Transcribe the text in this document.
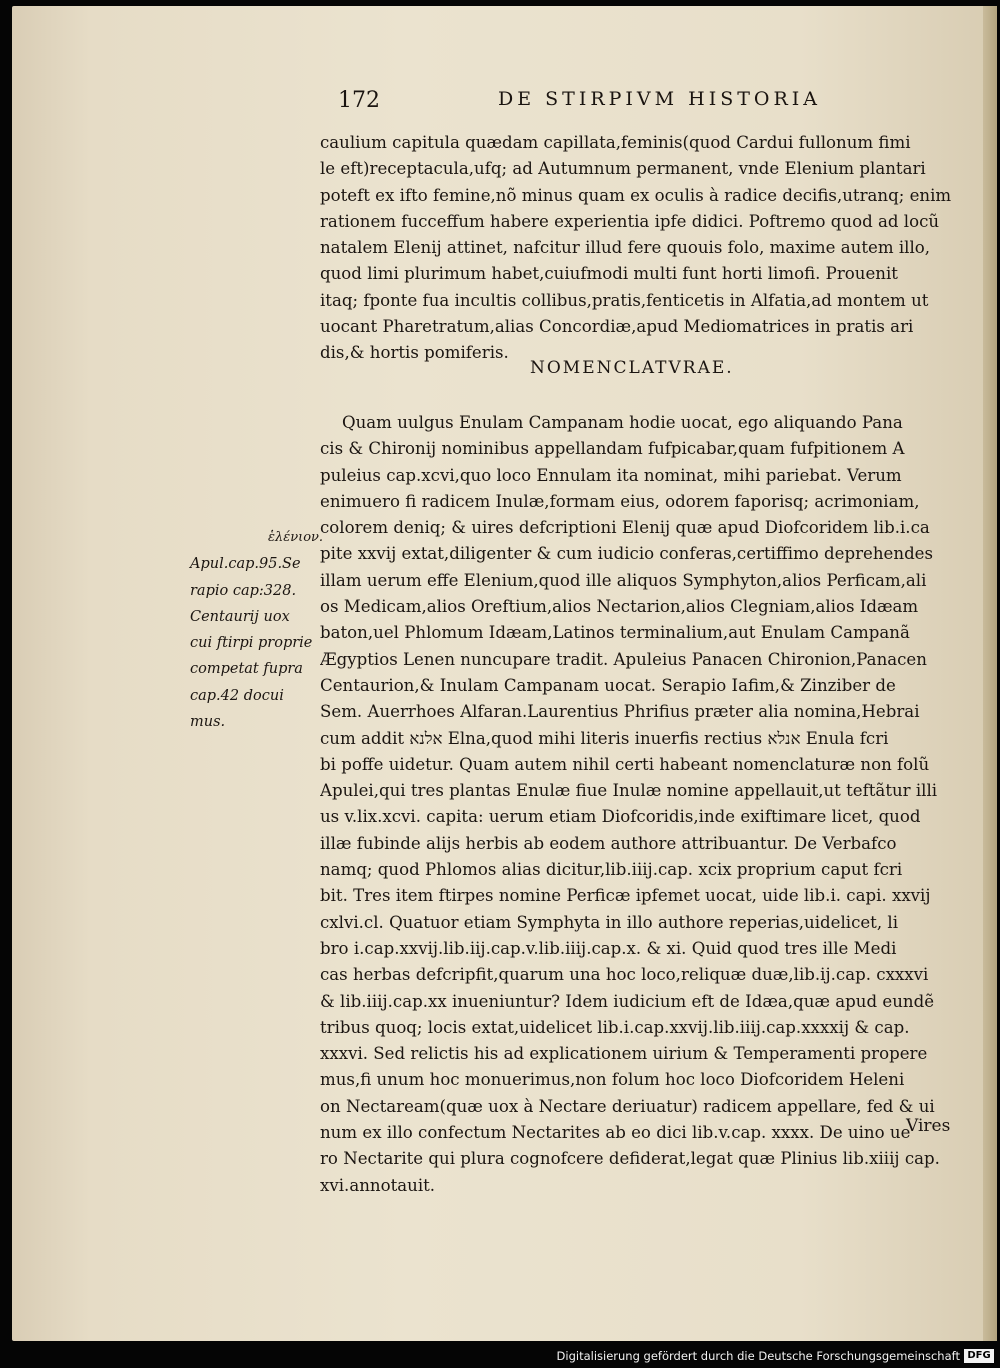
172	DE STIRPIVM HISTORIA
caulium capitula quædam capillata,feminis(quod Cardui fullonum fimi
le eft)receptacula,ufq; ad Autumnum permanent, vnde Elenium plantari
poteft ex ifto femine,nõ minus quam ex oculis à radice decifis,utranq; enim
rationem fucceffum habere experientia ipfe didici. Poftremo quod ad locũ
natalem Elenij attinet, nafcitur illud fere quouis folo, maxime autem illo,
quod limi plurimum habet,cuiufmodi multi funt horti limofi. Prouenit
itaq; fponte fua incultis collibus,pratis,fenticetis in Alfatia,ad montem ut
uocant Pharetratum,alias Concordiæ,apud Mediomatrices in pratis ari
dis,& hortis pomiferis.
NOMENCLATVRAE.
Quam uulgus Enulam Campanam hodie uocat, ego aliquando Pana
cis & Chironij nominibus appellandam fufpicabar,quam fufpitionem A
puleius cap.xcvi,quo loco Ennulam ita nominat, mihi pariebat. Verum
enimuero fi radicem Inulæ,formam eius, odorem faporisq; acrimoniam,
colorem deniq; & uires defcriptioni Elenij quæ apud Diofcoridem lib.i.ca
pite xxvij extat,diligenter & cum iudicio conferas,certiffimo deprehendes
illam uerum effe Elenium,quod ille aliquos Symphyton,alios Perficam,ali
os Medicam,alios Oreftium,alios Nectarion,alios Clegniam,alios Idæam
baton,uel Phlomum Idæam,Latinos terminalium,aut Enulam Campanã
Ægyptios Lenen nuncupare tradit. Apuleius Panacen Chironion,Panacen
Centaurion,& Inulam Campanam uocat. Serapio Iafim,& Zinziber de
Sem. Auerrhoes Alfaran.Laurentius Phrifius præter alia nomina,Hebrai
cum addit אלנא Elna,quod mihi literis inuerfis rectius אנלא Enula fcri
bi poffe uidetur. Quam autem nihil certi habeant nomenclaturæ non folũ
Apulei,qui tres plantas Enulæ fiue Inulæ nomine appellauit,ut teftãtur illi
us v.lix.xcvi. capita: uerum etiam Diofcoridis,inde exiftimare licet, quod
illæ fubinde alijs herbis ab eodem authore attribuantur. De Verbafco
namq; quod Phlomos alias dicitur,lib.iiij.cap. xcix proprium caput fcri
bit. Tres item ftirpes nomine Perficæ ipfemet uocat, uide lib.i. capi. xxvij
cxlvi.cl. Quatuor etiam Symphyta in illo authore reperias,uidelicet, li
bro i.cap.xxvij.lib.iij.cap.v.lib.iiij.cap.x. & xi. Quid quod tres ille Medi
cas herbas defcripfit,quarum una hoc loco,reliquæ duæ,lib.ij.cap. cxxxvi
& lib.iiij.cap.xx inueniuntur? Idem iudicium eft de Idæa,quæ apud eundẽ
tribus quoq; locis extat,uidelicet lib.i.cap.xxvij.lib.iiij.cap.xxxxij & cap.
xxxvi. Sed relictis his ad explicationem uirium & Temperamenti propere
mus,fi unum hoc monuerimus,non folum hoc loco Diofcoridem Heleni
on Nectaream(quæ uox à Nectare deriuatur) radicem appellare, fed & ui
num ex illo confectum Nectarites ab eo dici lib.v.cap. xxxx. De uino ue
ro Nectarite qui plura cognofcere defiderat,legat quæ Plinius lib.xiiij cap.
xvi.annotauit.
ἑλένιον.
Apul.cap.95.Se
rapio cap:328.
Centaurij uox
cui ftirpi proprie
competat fupra
cap.42 docui
mus.
Vires
Digitalisierung gefördert durch die Deutsche Forschungsgemeinschaft DFG
